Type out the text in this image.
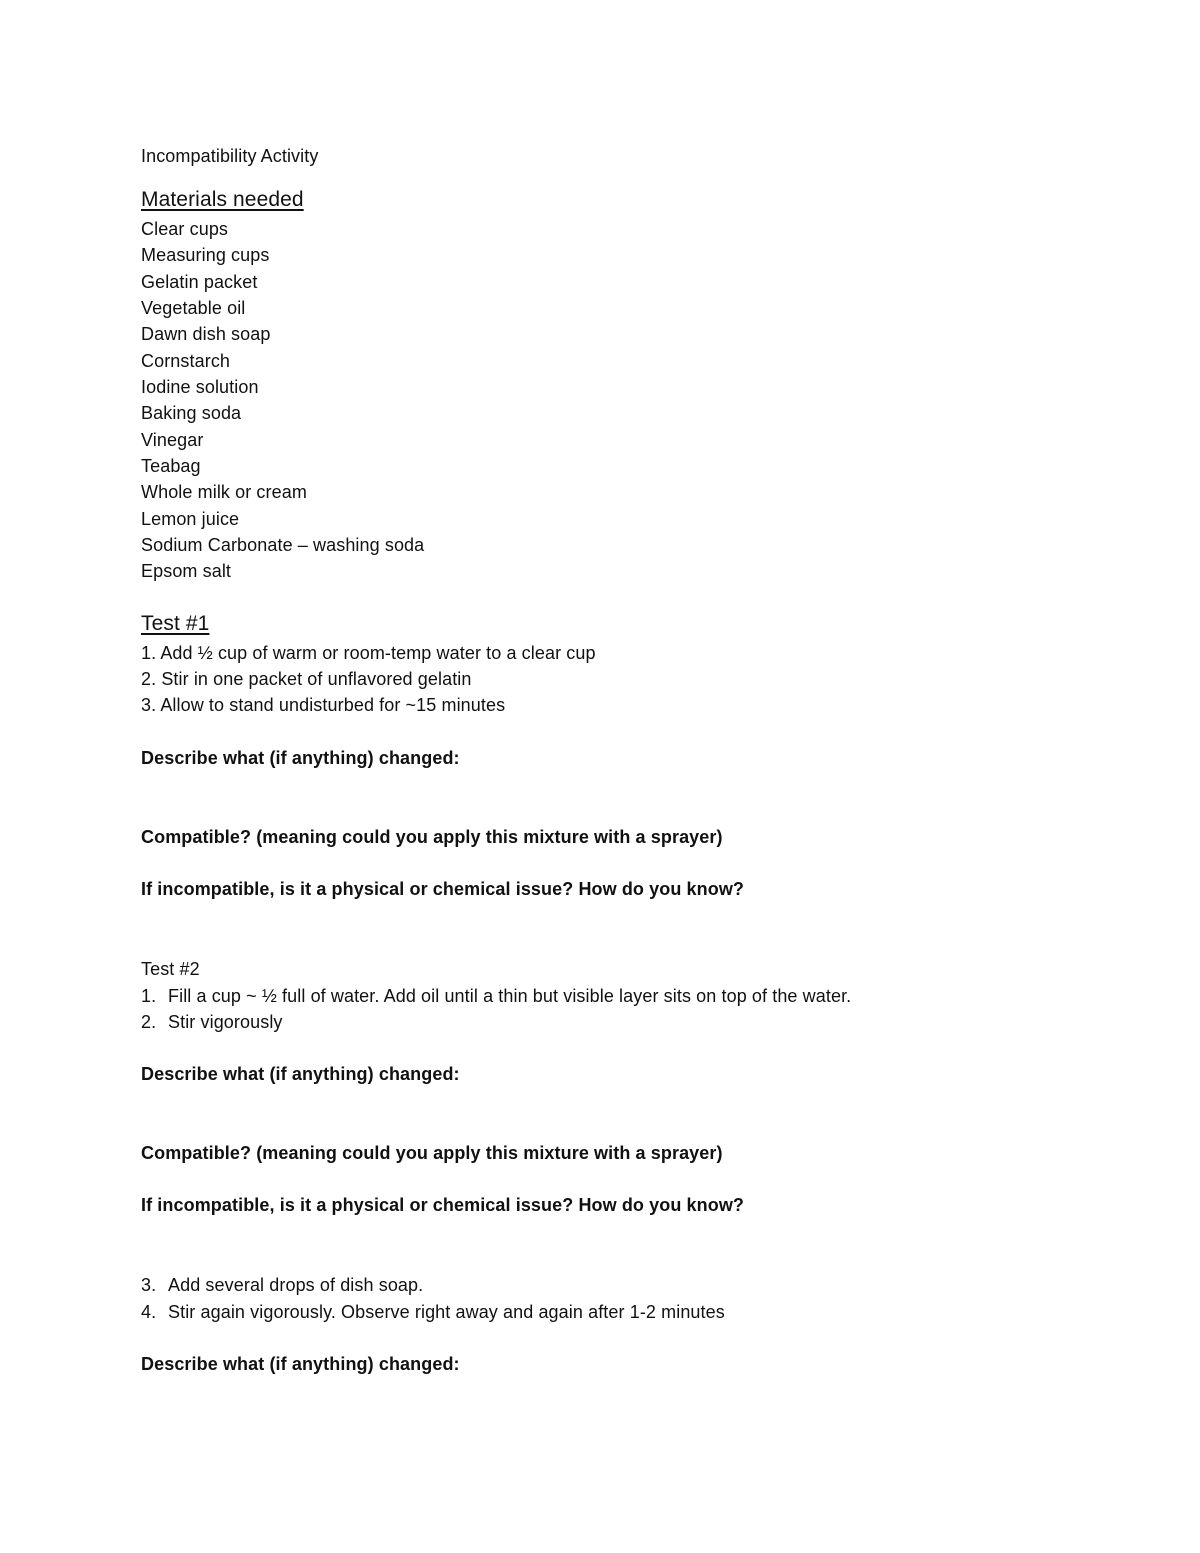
Incompatibility Activity
Materials needed
Clear cups
Measuring cups
Gelatin packet
Vegetable oil
Dawn dish soap
Cornstarch
Iodine solution
Baking soda
Vinegar
Teabag
Whole milk or cream
Lemon juice
Sodium Carbonate – washing soda
Epsom salt
Test #1
1. Add ½ cup of warm or room-temp water to a clear cup
2. Stir in one packet of unflavored gelatin
3. Allow to stand undisturbed for ~15 minutes
Describe what (if anything) changed:
Compatible? (meaning could you apply this mixture with a sprayer)
If incompatible, is it a physical or chemical issue? How do you know?
Test #2
1. Fill a cup ~ ½ full of water. Add oil until a thin but visible layer sits on top of the water.
2. Stir vigorously
Describe what (if anything) changed:
Compatible? (meaning could you apply this mixture with a sprayer)
If incompatible, is it a physical or chemical issue? How do you know?
3. Add several drops of dish soap.
4. Stir again vigorously. Observe right away and again after 1-2 minutes
Describe what (if anything) changed:
